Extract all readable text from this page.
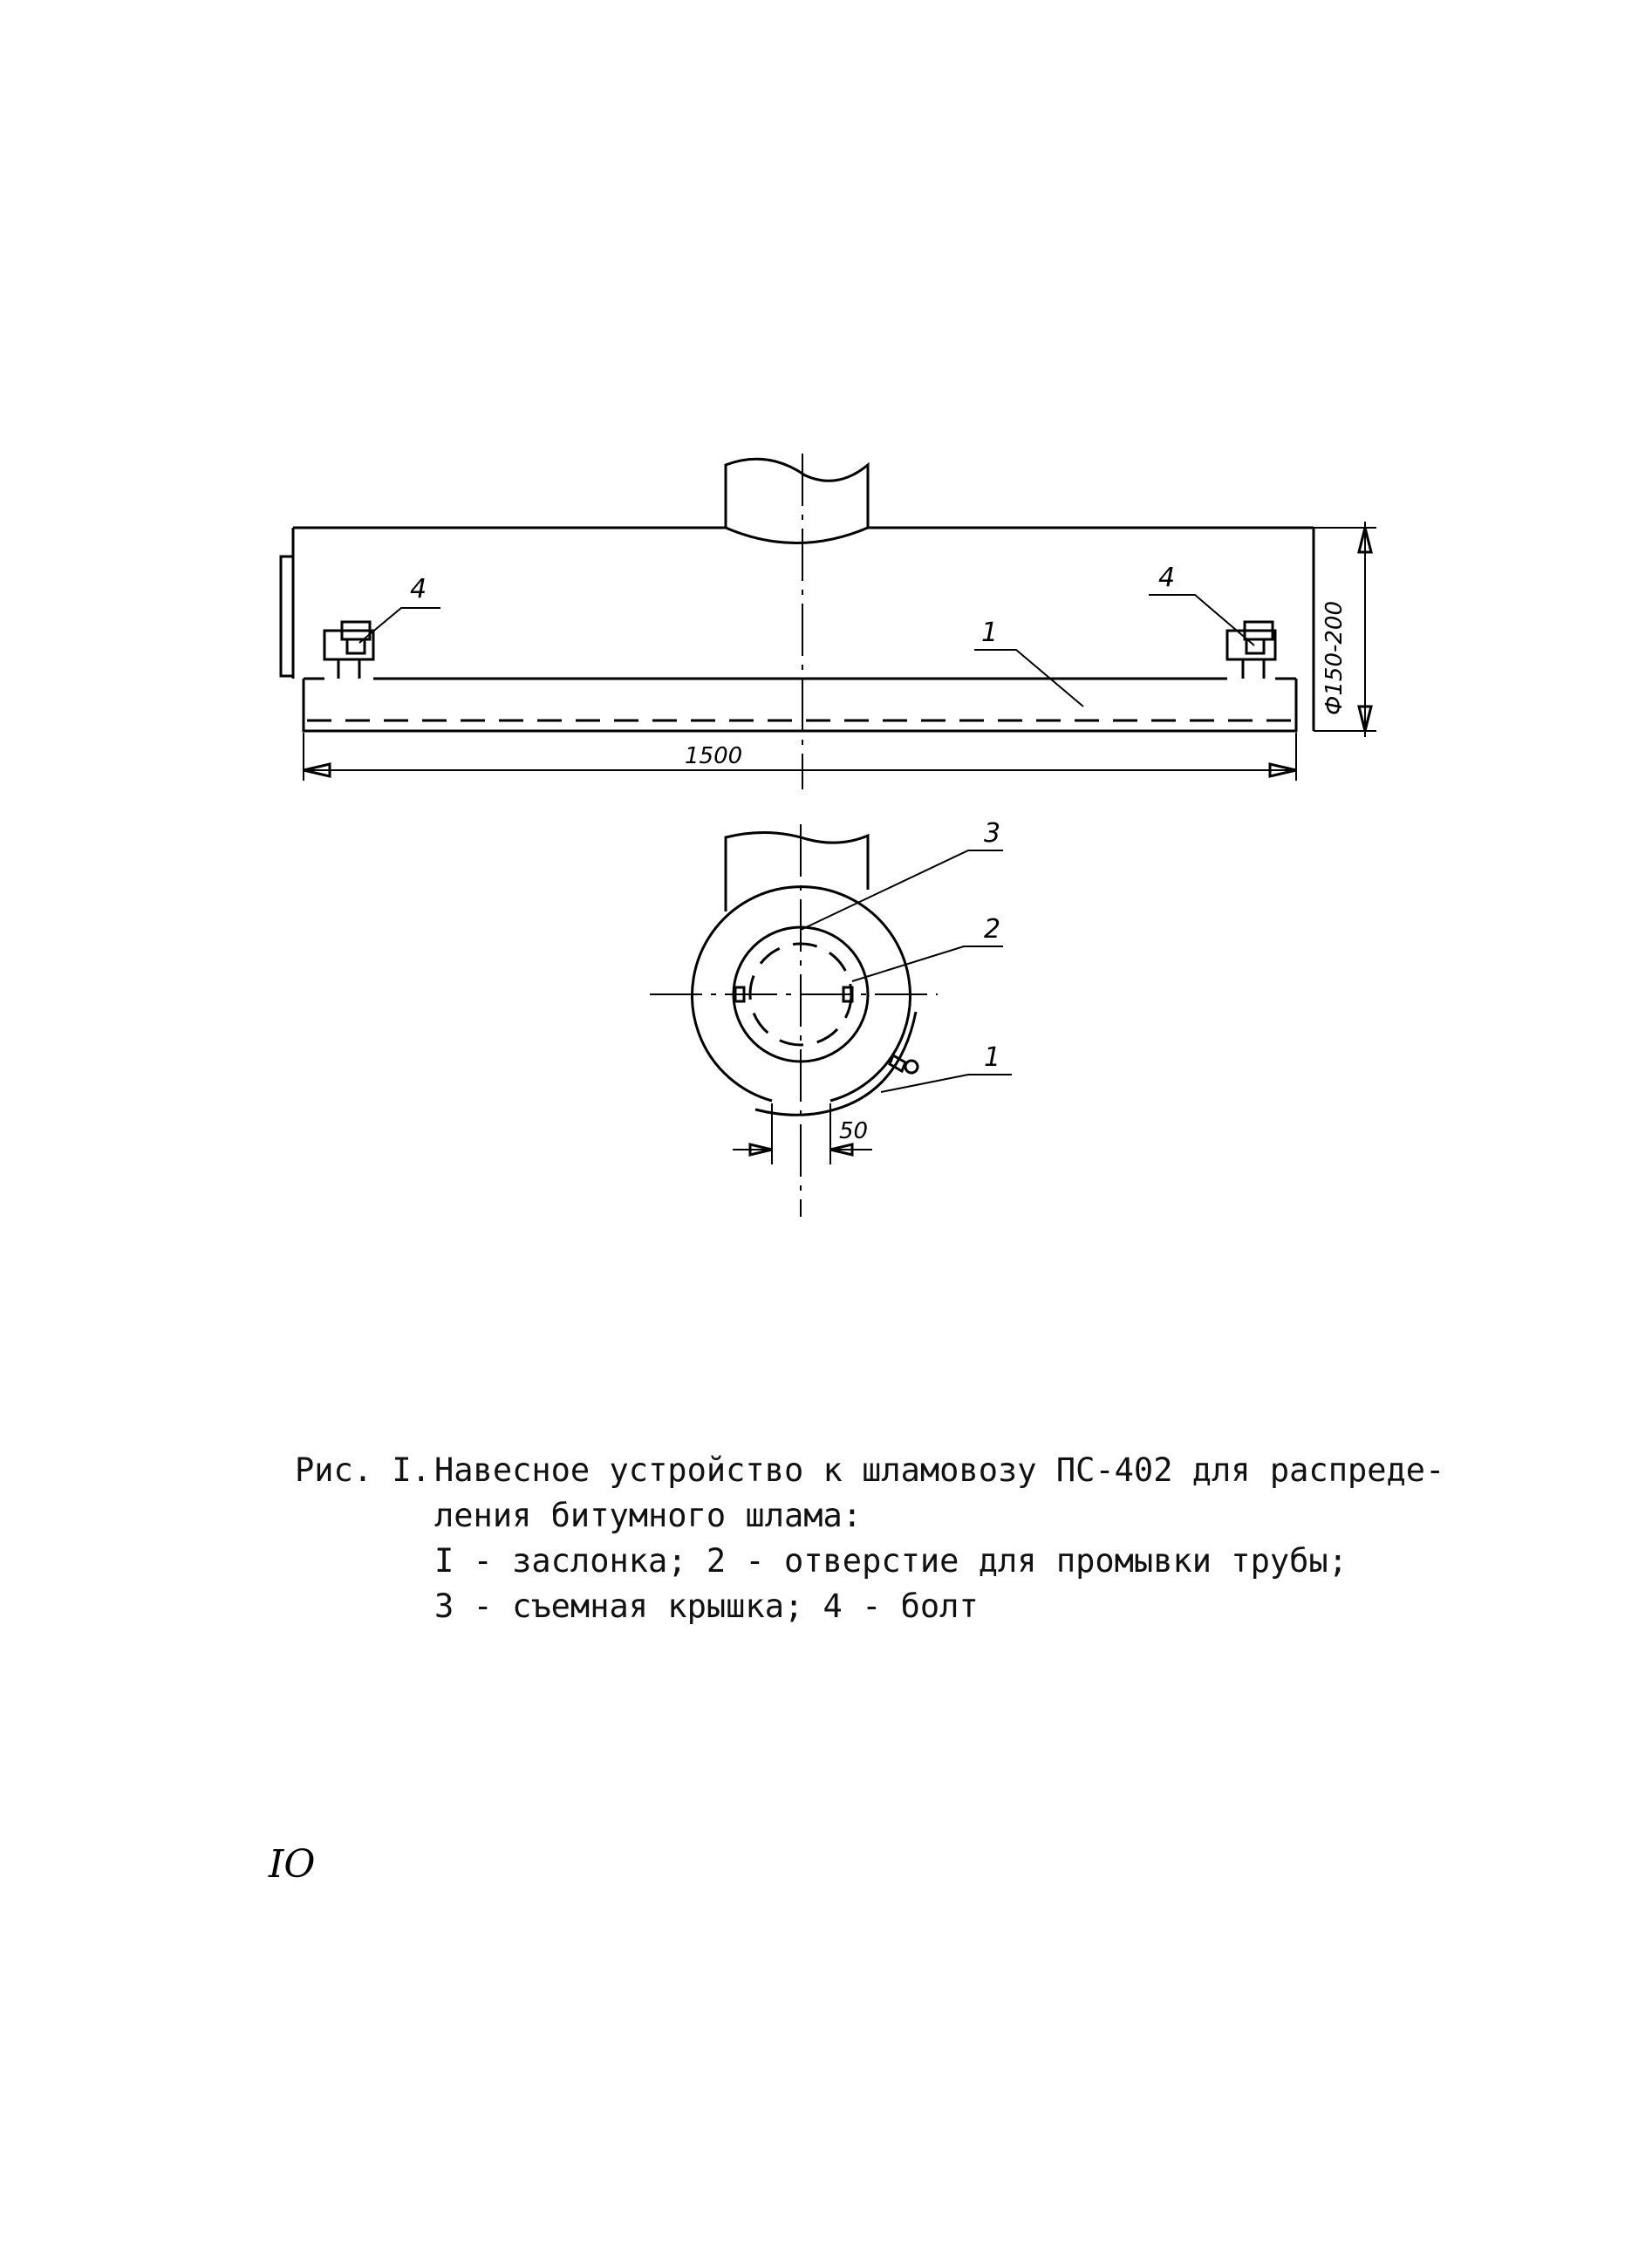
4	4
1
1500
Ф150-200
3
2
1
50
Рис. I. Навесное устройство к шламовозу ПС-402 для распреде-
ления битумного шлама:
I - заслонка; 2 - отверстие для промывки трубы;
3 - съемная крышка; 4 - болт
IO
